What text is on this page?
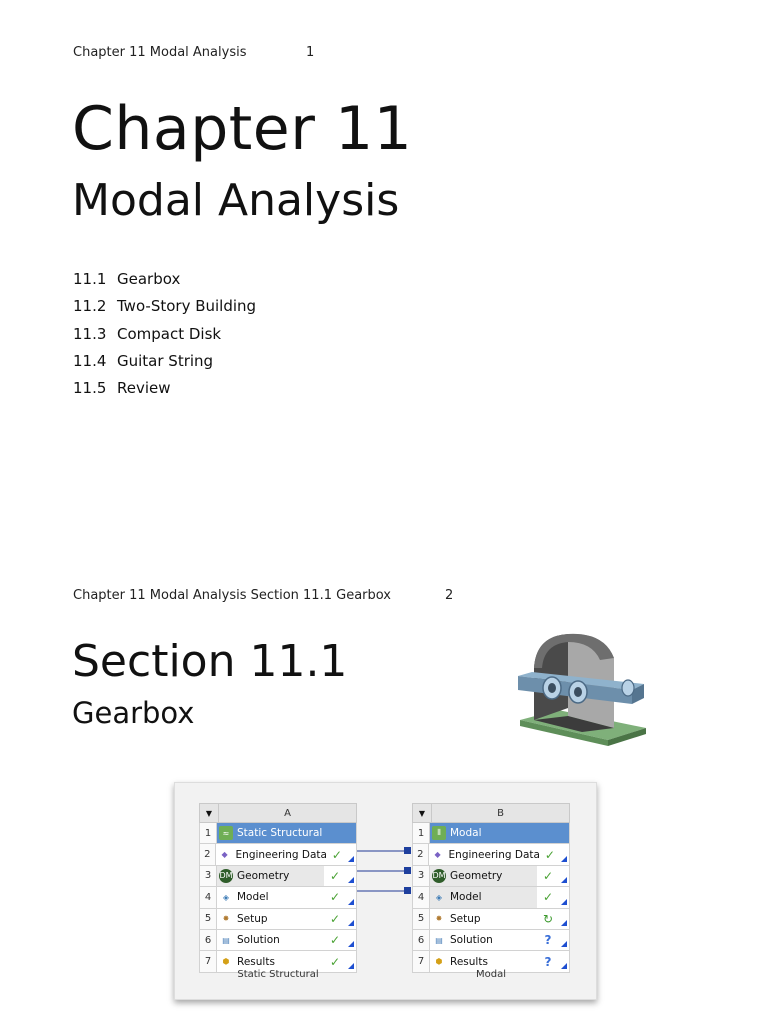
Chapter 11 Modal Analysis	1
Chapter 11
Modal Analysis
11.1 Gearbox
11.2 Two-Story Building
11.3 Compact Disk
11.4 Guitar String
11.5 Review
Chapter 11 Modal Analysis Section 11.1 Gearbox	2
Section 11.1
Gearbox
▼	A
1	≈ Static Structural
2	◆ Engineering Data ✓
3	DM Geometry	✓
4	◈ Model	✓
5	✸ Setup	✓
6	▤ Solution	✓
7	⬢ Results	✓
Static Structural
▼	B
1	⫴ Modal
2	◆ Engineering Data ✓
3	DM Geometry	✓
4	◈ Model	✓
5	✸ Setup	↻
6	▤ Solution	?
7	⬢ Results	?
Modal
